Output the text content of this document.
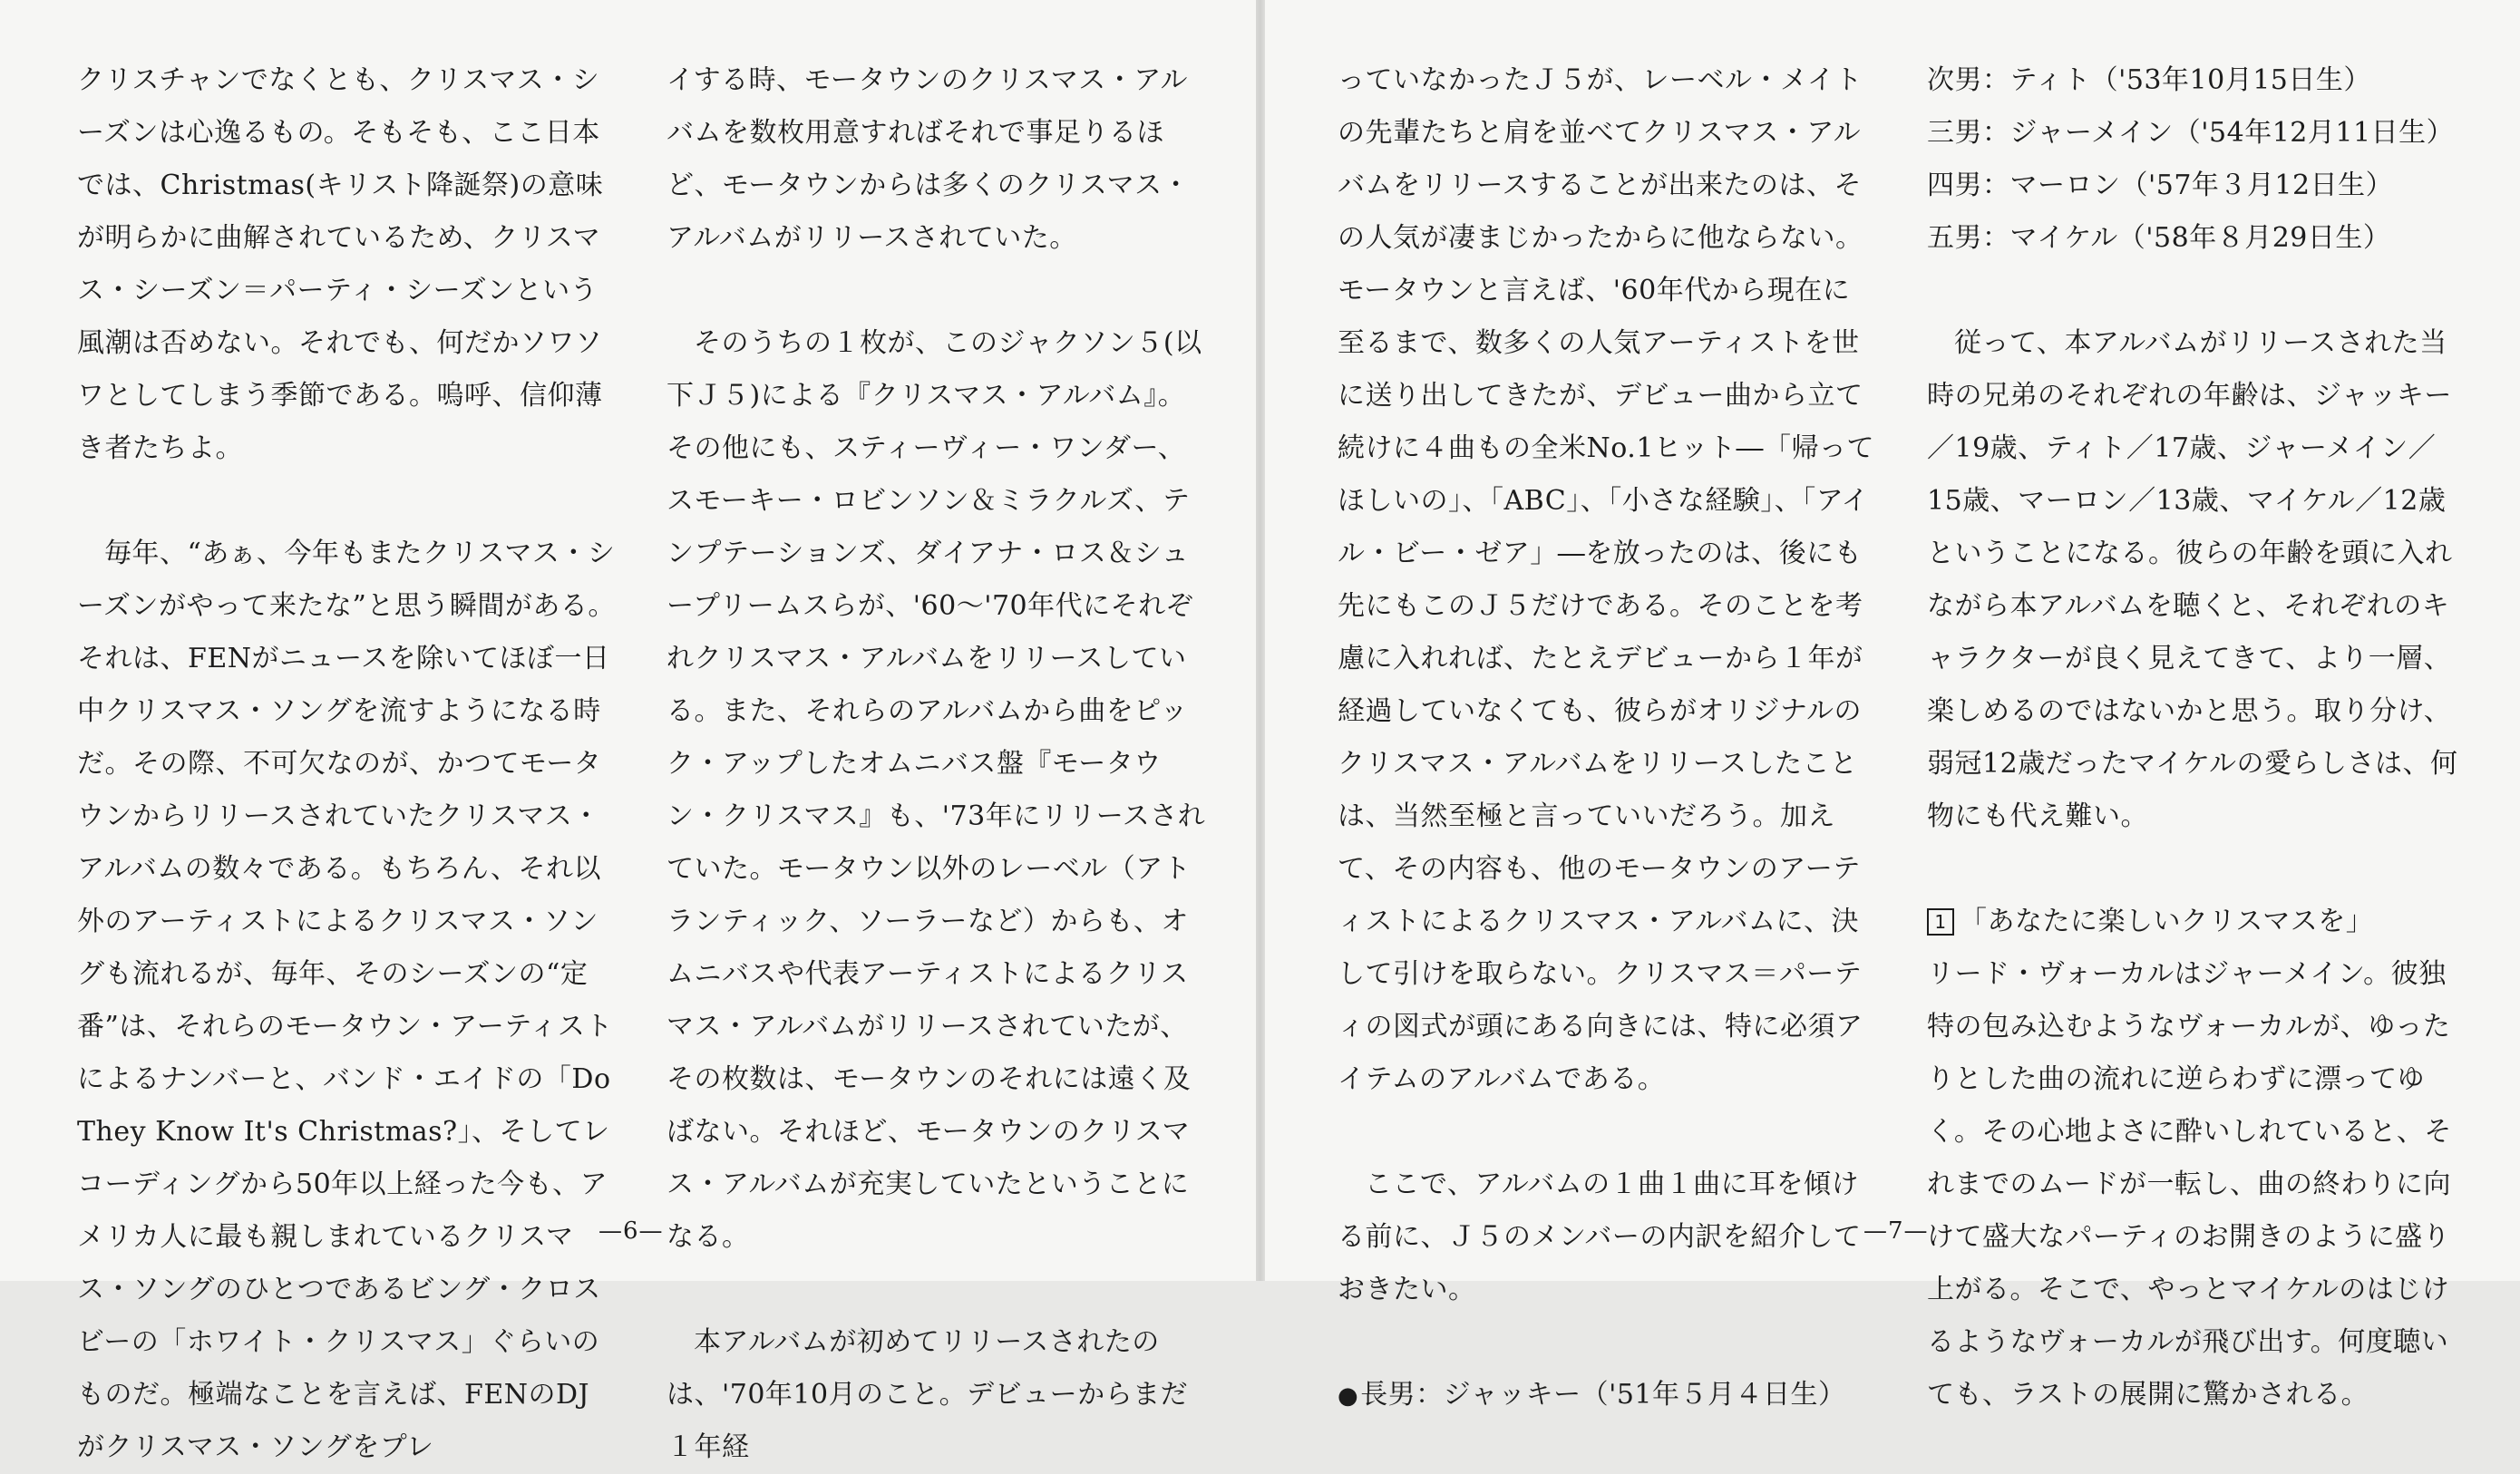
クリスチャンでなくとも、クリスマス・シーズンは心逸るもの。そもそも、ここ日本では、Christmas(キリスト降誕祭)の意味が明らかに曲解されているため、クリスマス・シーズン＝パーティ・シーズンという風潮は否めない。それでも、何だかソワソワとしてしまう季節である。嗚呼、信仰薄き者たちよ。

毎年、“あぁ、今年もまたクリスマス・シーズンがやって来たな”と思う瞬間がある。それは、FENがニュースを除いてほぼ一日中クリスマス・ソングを流すようになる時だ。その際、不可欠なのが、かつてモータウンからリリースされていたクリスマス・アルバムの数々である。もちろん、それ以外のアーティストによるクリスマス・ソングも流れるが、毎年、そのシーズンの“定番”は、それらのモータウン・アーティストによるナンバーと、バンド・エイドの「Do They Know It's Christmas?」、そしてレコーディングから50年以上経った今も、アメリカ人に最も親しまれているクリスマス・ソングのひとつであるビング・クロスビーの「ホワイト・クリスマス」ぐらいのものだ。極端なことを言えば、FENのDJがクリスマス・ソングをプレ

イする時、モータウンのクリスマス・アルバムを数枚用意すればそれで事足りるほど、モータウンからは多くのクリスマス・アルバムがリリースされていた。

そのうちの１枚が、このジャクソン５(以下Ｊ５)による『クリスマス・アルバム』。その他にも、スティーヴィー・ワンダー、スモーキー・ロビンソン＆ミラクルズ、テンプテーションズ、ダイアナ・ロス＆シュープリームスらが、'60～'70年代にそれぞれクリスマス・アルバムをリリースしている。また、それらのアルバムから曲をピック・アップしたオムニバス盤『モータウン・クリスマス』も、'73年にリリースされていた。モータウン以外のレーベル（アトランティック、ソーラーなど）からも、オムニバスや代表アーティストによるクリスマス・アルバムがリリースされていたが、その枚数は、モータウンのそれには遠く及ばない。それほど、モータウンのクリスマス・アルバムが充実していたということになる。

本アルバムが初めてリリースされたのは、'70年10月のこと。デビューからまだ１年経

—6—

っていなかったＪ５が、レーベル・メイトの先輩たちと肩を並べてクリスマス・アルバムをリリースすることが出来たのは、その人気が凄まじかったからに他ならない。モータウンと言えば、'60年代から現在に至るまで、数多くの人気アーティストを世に送り出してきたが、デビュー曲から立て続けに４曲もの全米No.1ヒット―「帰ってほしいの」、「ABC」、「小さな経験」、「アイル・ビー・ゼア」―を放ったのは、後にも先にもこのＪ５だけである。そのことを考慮に入れれば、たとえデビューから１年が経過していなくても、彼らがオリジナルのクリスマス・アルバムをリリースしたことは、当然至極と言っていいだろう。加えて、その内容も、他のモータウンのアーティストによるクリスマス・アルバムに、決して引けを取らない。クリスマス＝パーティの図式が頭にある向きには、特に必須アイテムのアルバムである。

ここで、アルバムの１曲１曲に耳を傾ける前に、Ｊ５のメンバーの内訳を紹介しておきたい。

●長男：ジャッキー（'51年５月４日生）
次男：ティト（'53年10月15日生）
三男：ジャーメイン（'54年12月11日生）
四男：マーロン（'57年３月12日生）
五男：マイケル（'58年８月29日生）

従って、本アルバムがリリースされた当時の兄弟のそれぞれの年齢は、ジャッキー／19歳、ティト／17歳、ジャーメイン／15歳、マーロン／13歳、マイケル／12歳ということになる。彼らの年齢を頭に入れながら本アルバムを聴くと、それぞれのキャラクターが良く見えてきて、より一層、楽しめるのではないかと思う。取り分け、弱冠12歳だったマイケルの愛らしさは、何物にも代え難い。

1 「あなたに楽しいクリスマスを」

リード・ヴォーカルはジャーメイン。彼独特の包み込むようなヴォーカルが、ゆったりとした曲の流れに逆らわずに漂ってゆく。その心地よさに酔いしれていると、それまでのムードが一転し、曲の終わりに向けて盛大なパーティのお開きのように盛り上がる。そこで、やっとマイケルのはじけるようなヴォーカルが飛び出す。何度聴いても、ラストの展開に驚かされる。

—7—
